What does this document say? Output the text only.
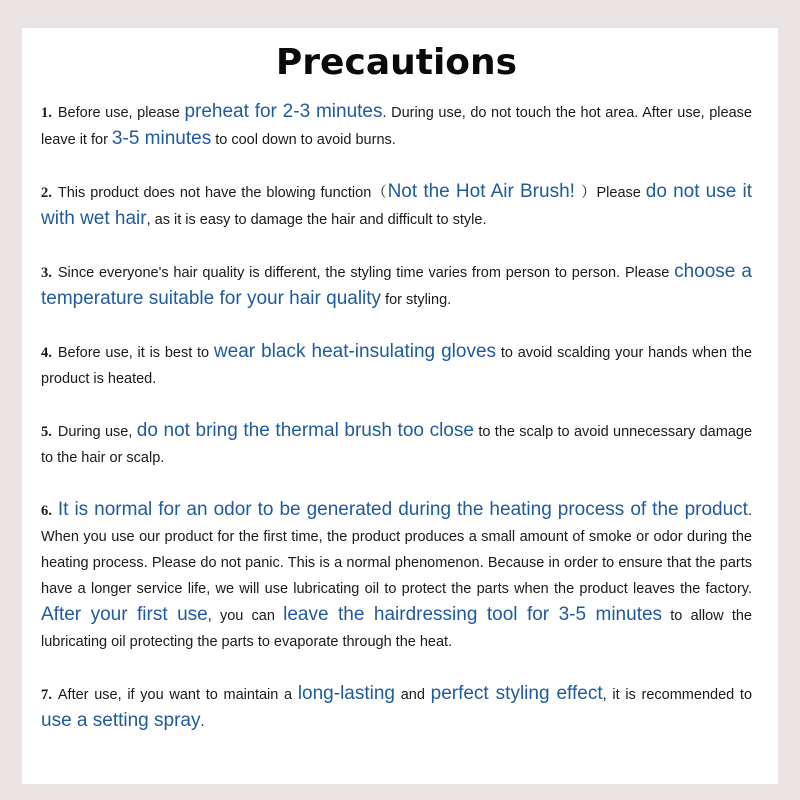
Precautions

1. Before use, please preheat for 2-3 minutes. During use, do not touch the hot area. After use, please leave it for 3-5 minutes to cool down to avoid burns.

2. This product does not have the blowing function（Not the Hot Air Brush! ）Please do not use it with wet hair, as it is easy to damage the hair and difficult to style.

3. Since everyone's hair quality is different, the styling time varies from person to person. Please choose a temperature suitable for your hair quality for styling.

4. Before use, it is best to wear black heat-insulating gloves to avoid scalding your hands when the product is heated.

5. During use, do not bring the thermal brush too close to the scalp to avoid unnecessary damage to the hair or scalp.

6. It is normal for an odor to be generated during the heating process of the product. When you use our product for the first time, the product produces a small amount of smoke or odor during the heating process. Please do not panic. This is a normal phenomenon. Because in order to ensure that the parts have a longer service life, we will use lubricating oil to protect the parts when the product leaves the factory. After your first use, you can leave the hairdressing tool for 3-5 minutes to allow the lubricating oil protecting the parts to evaporate through the heat.

7. After use, if you want to maintain a long-lasting and perfect styling effect, it is recommended to use a setting spray.
